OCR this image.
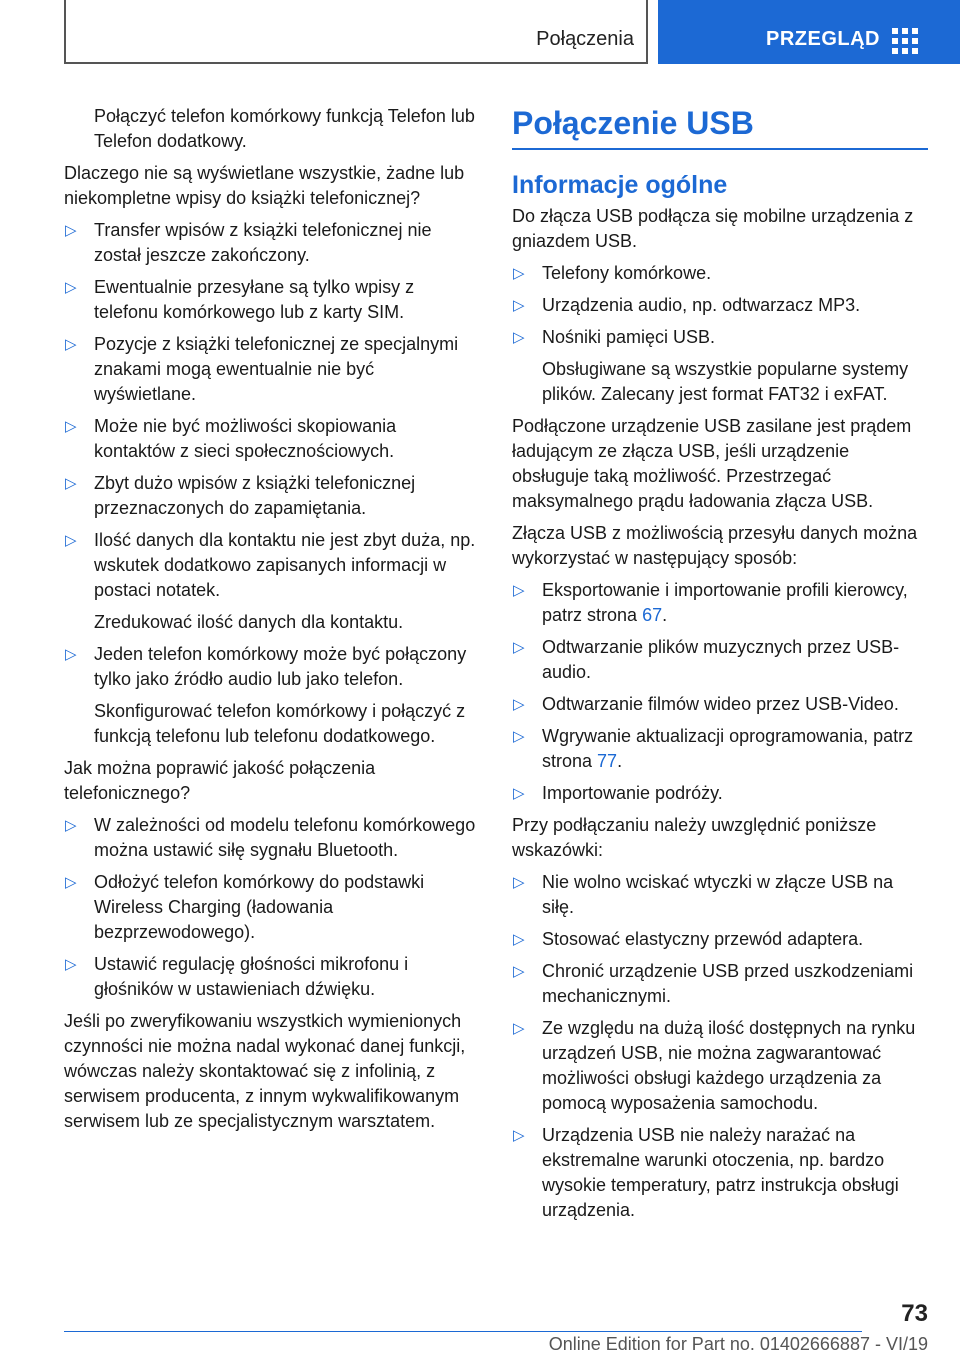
Połączenia	PRZEGLĄD

Połączyć telefon komórkowy funkcją Telefon lub Telefon dodatkowy.

Dlaczego nie są wyświetlane wszystkie, żadne lub niekompletne wpisy do książki telefonicznej?

▷ Transfer wpisów z książki telefonicznej nie został jeszcze zakończony.
▷ Ewentualnie przesyłane są tylko wpisy z telefonu komórkowego lub z karty SIM.
▷ Pozycje z książki telefonicznej ze specjalnymi znakami mogą ewentualnie nie być wyświetlane.
▷ Może nie być możliwości skopiowania kontaktów z sieci społecznościowych.
▷ Zbyt dużo wpisów z książki telefonicznej przeznaczonych do zapamiętania.
▷ Ilość danych dla kontaktu nie jest zbyt duża, np. wskutek dodatkowo zapisanych informacji w postaci notatek.
Zredukować ilość danych dla kontaktu.
▷ Jeden telefon komórkowy może być połączony tylko jako źródło audio lub jako telefon.
Skonfigurować telefon komórkowy i połączyć z funkcją telefonu lub telefonu dodatkowego.

Jak można poprawić jakość połączenia telefonicznego?

▷ W zależności od modelu telefonu komórkowego można ustawić siłę sygnału Bluetooth.
▷ Odłożyć telefon komórkowy do podstawki Wireless Charging (ładowania bezprzewodowego).
▷ Ustawić regulację głośności mikrofonu i głośników w ustawieniach dźwięku.

Jeśli po zweryfikowaniu wszystkich wymienionych czynności nie można nadal wykonać danej funkcji, wówczas należy skontaktować się z infolinią, z serwisem producenta, z innym wykwalifikowanym serwisem lub ze specjalistycznym warsztatem.

Połączenie USB
Informacje ogólne

Do złącza USB podłącza się mobilne urządzenia z gniazdem USB.

▷ Telefony komórkowe.
▷ Urządzenia audio, np. odtwarzacz MP3.
▷ Nośniki pamięci USB.
Obsługiwane są wszystkie popularne systemy plików. Zalecany jest format FAT32 i exFAT.

Podłączone urządzenie USB zasilane jest prądem ładującym ze złącza USB, jeśli urządzenie obsługuje taką możliwość. Przestrzegać maksymalnego prądu ładowania złącza USB.

Złącza USB z możliwością przesyłu danych można wykorzystać w następujący sposób:

▷ Eksportowanie i importowanie profili kierowcy, patrz strona 67.
▷ Odtwarzanie plików muzycznych przez USB-audio.
▷ Odtwarzanie filmów wideo przez USB-Video.
▷ Wgrywanie aktualizacji oprogramowania, patrz strona 77.
▷ Importowanie podróży.

Przy podłączaniu należy uwzględnić poniższe wskazówki:

▷ Nie wolno wciskać wtyczki w złącze USB na siłę.
▷ Stosować elastyczny przewód adaptera.
▷ Chronić urządzenie USB przed uszkodzeniami mechanicznymi.
▷ Ze względu na dużą ilość dostępnych na rynku urządzeń USB, nie można zagwarantować możliwości obsługi każdego urządzenia za pomocą wyposażenia samochodu.
▷ Urządzenia USB nie należy narażać na ekstremalne warunki otoczenia, np. bardzo wysokie temperatury, patrz instrukcja obsługi urządzenia.
73
Online Edition for Part no. 01402666887 - VI/19
